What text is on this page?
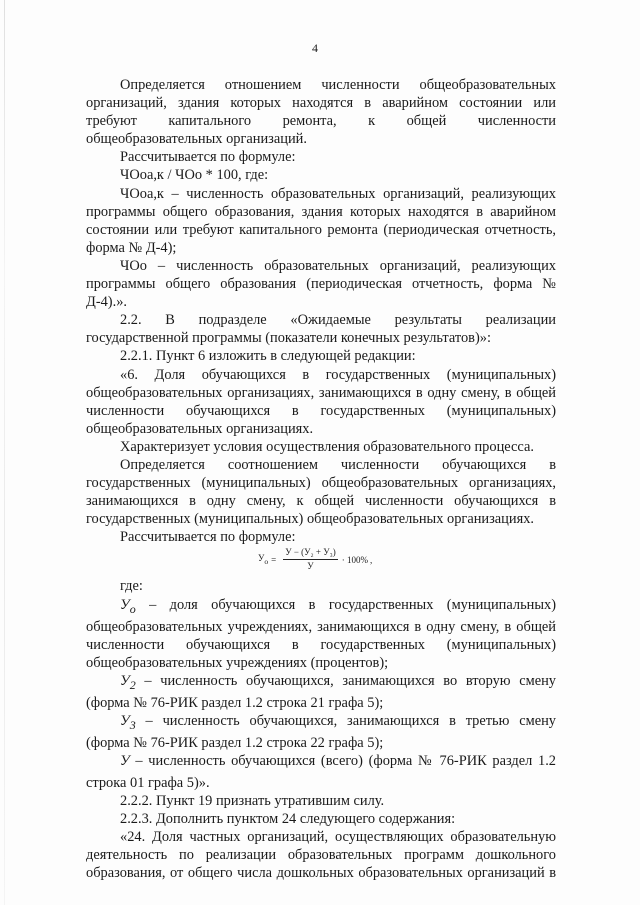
4

Определяется отношением численности общеобразовательных организаций, здания которых находятся в аварийном состоянии или требуют капитального ремонта, к общей численности общеобразовательных организаций.

Рассчитывается по формуле:

ЧОоа,к / ЧОо * 100, где:

ЧОоа,к – численность образовательных организаций, реализующих программы общего образования, здания которых находятся в аварийном состоянии или требуют капитального ремонта (периодическая отчетность, форма № Д-4);

ЧОо – численность образовательных организаций, реализующих программы общего образования (периодическая отчетность, форма № Д-4).».

2.2. В подразделе «Ожидаемые результаты реализации государственной программы (показатели конечных результатов)»:

2.2.1. Пункт 6 изложить в следующей редакции:

«6. Доля обучающихся в государственных (муниципальных) общеобразовательных организациях, занимающихся в одну смену, в общей численности обучающихся в государственных (муниципальных) общеобразовательных организациях.

Характеризует условия осуществления образовательного процесса.

Определяется соотношением численности обучающихся в государственных (муниципальных) общеобразовательных организациях, занимающихся в одну смену, к общей численности обучающихся в государственных (муниципальных) общеобразовательных организациях.

Рассчитывается по формуле:

$У_о = \frac{\text{У − (У₂ + У₃)}}{У} \cdot 100\%$ ,

где:

$У_о$ – доля обучающихся в государственных (муниципальных) общеобразовательных учреждениях, занимающихся в одну смену, в общей численности обучающихся в государственных (муниципальных) общеобразовательных учреждениях (процентов);

$У_2$ – численность обучающихся, занимающихся во вторую смену (форма № 76-РИК раздел 1.2 строка 21 графа 5);

$У_3$ – численность обучающихся, занимающихся в третью смену (форма № 76-РИК раздел 1.2 строка 22 графа 5);

У – численность обучающихся (всего) (форма № 76-РИК раздел 1.2 строка 01 графа 5)».

2.2.2. Пункт 19 признать утратившим силу.

2.2.3. Дополнить пунктом 24 следующего содержания:

«24. Доля частных организаций, осуществляющих образовательную деятельность по реализации образовательных программ дошкольного образования, от общего числа дошкольных образовательных организаций в
